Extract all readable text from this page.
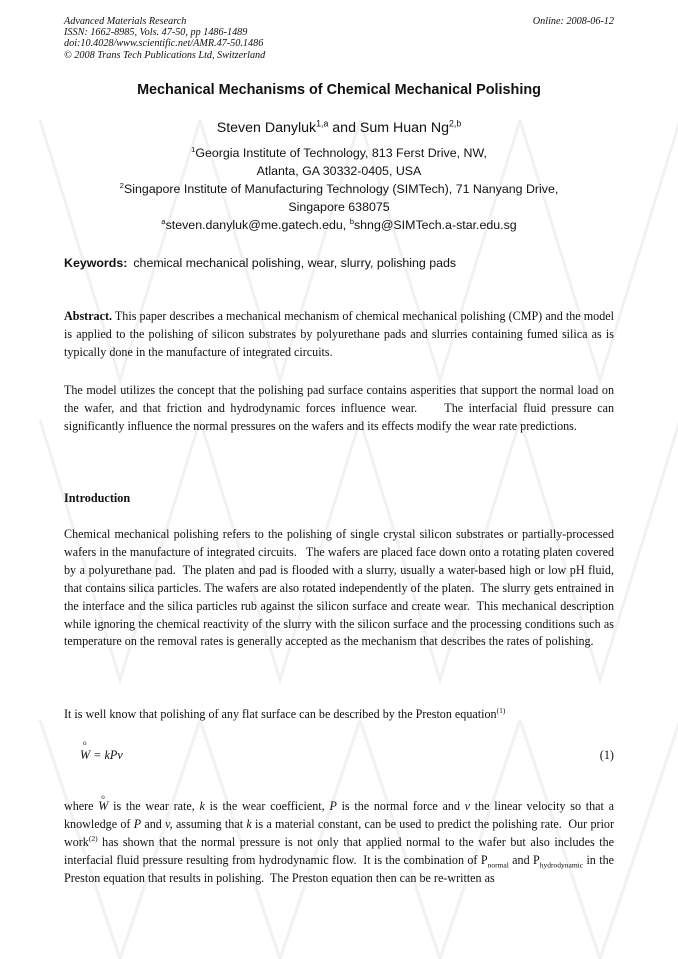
Advanced Materials Research
ISSN: 1662-8985, Vols. 47-50, pp 1486-1489
doi:10.4028/www.scientific.net/AMR.47-50.1486
© 2008 Trans Tech Publications Ltd, Switzerland
Online: 2008-06-12
Mechanical Mechanisms of Chemical Mechanical Polishing
Steven Danyluk$^{1,a}$ and Sum Huan Ng$^{2,b}$
$^1$Georgia Institute of Technology, 813 Ferst Drive, NW,
Atlanta, GA 30332-0405, USA
$^2$Singapore Institute of Manufacturing Technology (SIMTech), 71 Nanyang Drive,
Singapore 638075
$^a$steven.danyluk@me.gatech.edu, $^b$shng@SIMTech.a-star.edu.sg
Keywords: chemical mechanical polishing, wear, slurry, polishing pads
Abstract. This paper describes a mechanical mechanism of chemical mechanical polishing (CMP) and the model is applied to the polishing of silicon substrates by polyurethane pads and slurries containing fumed silica as is typically done in the manufacture of integrated circuits.
The model utilizes the concept that the polishing pad surface contains asperities that support the normal load on the wafer, and that friction and hydrodynamic forces influence wear.     The interfacial fluid pressure can significantly influence the normal pressures on the wafers and its effects modify the wear rate predictions.
Introduction
Chemical mechanical polishing refers to the polishing of single crystal silicon substrates or partially-processed wafers in the manufacture of integrated circuits.   The wafers are placed face down onto a rotating platen covered by a polyurethane pad.  The platen and pad is flooded with a slurry, usually a water-based high or low pH fluid, that contains silica particles. The wafers are also rotated independently of the platen.  The slurry gets entrained in the interface and the silica particles rub against the silicon surface and create wear.  This mechanical description while ignoring the chemical reactivity of the slurry with the silicon surface and the processing conditions such as temperature on the removal rates is generally accepted as the mechanism that describes the rates of polishing.
It is well know that polishing of any flat surface can be described by the Preston equation$^{(1)}$
o
W = kPv	(1)
where
o
W is the wear rate, k is the wear coefficient, P is the normal force and v the linear velocity so that a knowledge of P and v, assuming that k is a material constant, can be used to predict the polishing rate.  Our prior work$^{(2)}$ has shown that the normal pressure is not only that applied normal to the wafer but also includes the interfacial fluid pressure resulting from hydrodynamic flow.  It is the combination of $P_{normal}$ and $P_{hydrodynamic}$ in the Preston equation that results in polishing.  The Preston equation then can be re-written as
